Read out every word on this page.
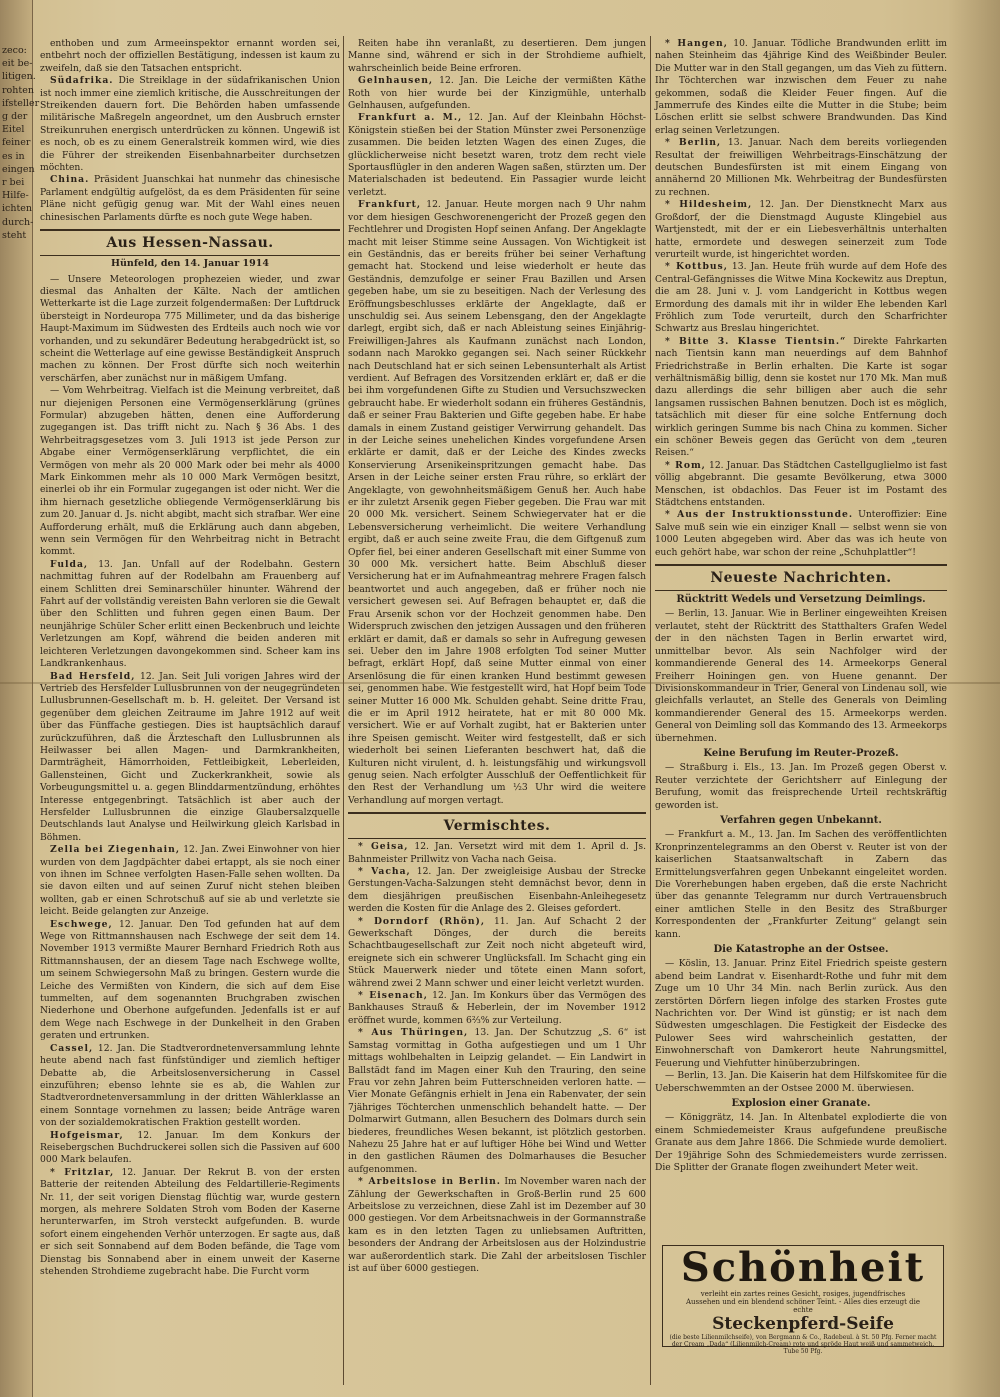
zeco:
eit be-
litigen.
rohten
ifsteller
g der
Eitel
feiner
es in
eingen
r bei
Hilfe-
ichten
durch-
steht

enthoben und zum Armeeinspektor ernannt worden sei, entbehrt noch der offiziellen Bestätigung, indessen ist kaum zu zweifeln, daß sie den Tatsachen entspricht.

Südafrika. Die Streiklage in der südafrikanischen Union ist noch immer eine ziemlich kritische, die Ausschreitungen der Streikenden dauern fort. Die Behörden haben umfassende militärische Maßregeln angeordnet, um den Ausbruch ernster Streikunruhen energisch unterdrücken zu können. Ungewiß ist es noch, ob es zu einem Generalstreik kommen wird, wie dies die Führer der streikenden Eisenbahnarbeiter durchsetzen möchten.

China. Präsident Juanschkai hat nunmehr das chinesische Parlament endgültig aufgelöst, da es dem Präsidenten für seine Pläne nicht gefügig genug war. Mit der Wahl eines neuen chinesischen Parlaments dürfte es noch gute Wege haben.

Aus Hessen-Nassau.
Hünfeld, den 14. Januar 1914

— Unsere Meteorologen prophezeien wieder, und zwar diesmal das Anhalten der Kälte. Nach der amtlichen Wetterkarte ist die Lage zurzeit folgendermaßen: Der Luftdruck übersteigt in Nordeuropa 775 Millimeter, und da das bisherige Haupt-Maximum im Südwesten des Erdteils auch noch wie vor vorhanden, und zu sekundärer Bedeutung herabgedrückt ist, so scheint die Wetterlage auf eine gewisse Beständigkeit Anspruch machen zu können. Der Frost dürfte sich noch weiterhin verschärfen, aber zunächst nur in mäßigem Umfang.

— Vom Wehrbeitrag. Vielfach ist die Meinung verbreitet, daß nur diejenigen Personen eine Vermögenserklärung (grünes Formular) abzugeben hätten, denen eine Aufforderung zugegangen ist. Das trifft nicht zu. Nach § 36 Abs. 1 des Wehrbeitragsgesetzes vom 3. Juli 1913 ist jede Person zur Abgabe einer Vermögenserklärung verpflichtet, die ein Vermögen von mehr als 20 000 Mark oder bei mehr als 4000 Mark Einkommen mehr als 10 000 Mark Vermögen besitzt, einerlei ob ihr ein Formular zugegangen ist oder nicht. Wer die ihm hiernach gesetzliche obliegende Vermögenserklärung bis zum 20. Januar d. Js. nicht abgibt, macht sich strafbar. Wer eine Aufforderung erhält, muß die Erklärung auch dann abgeben, wenn sein Vermögen für den Wehrbeitrag nicht in Betracht kommt.

Fulda, 13. Jan. Unfall auf der Rodelbahn. Gestern nachmittag fuhren auf der Rodelbahn am Frauenberg auf einem Schlitten drei Seminarschüler hinunter. Während der Fahrt auf der vollständig vereisten Bahn verloren sie die Gewalt über den Schlitten und fuhren gegen einen Baum. Der neunjährige Schüler Scher erlitt einen Beckenbruch und leichte Verletzungen am Kopf, während die beiden anderen mit leichteren Verletzungen davongekommen sind. Scheer kam ins Landkrankenhaus.

Bad Hersfeld, 12. Jan. Seit Juli vorigen Jahres wird der Vertrieb des Hersfelder Lullusbrunnen von der neugegründeten Lullusbrunnen-Gesellschaft m. b. H. geleitet. Der Versand ist gegenüber dem gleichen Zeitraume im Jahre 1912 auf weit über das Fünffache gestiegen. Dies ist hauptsächlich darauf zurückzuführen, daß die Ärzteschaft den Lullusbrunnen als Heilwasser bei allen Magen- und Darmkrankheiten, Darmträgheit, Hämorrhoiden, Fettleibigkeit, Leberleiden, Gallensteinen, Gicht und Zuckerkrankheit, sowie als Vorbeugungsmittel u. a. gegen Blinddarmentzündung, erhöhtes Interesse entgegenbringt. Tatsächlich ist aber auch der Hersfelder Lullusbrunnen die einzige Glaubersalzquelle Deutschlands laut Analyse und Heilwirkung gleich Karlsbad in Böhmen.

Zella bei Ziegenhain, 12. Jan. Zwei Einwohner von hier wurden von dem Jagdpächter dabei ertappt, als sie noch einer von ihnen im Schnee verfolgten Hasen-Falle sehen wollten. Da sie davon eilten und auf seinen Zuruf nicht stehen bleiben wollten, gab er einen Schrotschuß auf sie ab und verletzte sie leicht. Beide gelangten zur Anzeige.

Eschwege, 12. Januar. Den Tod gefunden hat auf dem Wege von Rittmannshausen nach Eschwege der seit dem 14. November 1913 vermißte Maurer Bernhard Friedrich Roth aus Rittmannshausen, der an diesem Tage nach Eschwege wollte, um seinem Schwiegersohn Maß zu bringen. Gestern wurde die Leiche des Vermißten von Kindern, die sich auf dem Eise tummelten, auf dem sogenannten Bruchgraben zwischen Niederhone und Oberhone aufgefunden. Jedenfalls ist er auf dem Wege nach Eschwege in der Dunkelheit in den Graben geraten und ertrunken.

Cassel, 12. Jan. Die Stadtverordnetenversammlung lehnte heute abend nach fast fünfstündiger und ziemlich heftiger Debatte ab, die Arbeitslosenversicherung in Cassel einzuführen; ebenso lehnte sie es ab, die Wahlen zur Stadtverordnetenversammlung in der dritten Wählerklasse an einem Sonntage vornehmen zu lassen; beide Anträge waren von der sozialdemokratischen Fraktion gestellt worden.

Hofgeismar, 12. Januar. Im dem Konkurs der Reisebergschen Buchdruckerei sollen sich die Passiven auf 600 000 Mark belaufen.

* Fritzlar, 12. Januar. Der Rekrut B. von der ersten Batterie der reitenden Abteilung des Feldartillerie-Regiments Nr. 11, der seit vorigen Dienstag flüchtig war, wurde gestern morgen, als mehrere Soldaten Stroh vom Boden der Kaserne herunterwarfen, im Stroh versteckt aufgefunden. B. wurde sofort einem eingehenden Verhör unterzogen. Er sagte aus, daß er sich seit Sonnabend auf dem Boden befände, die Tage vom Dienstag bis Sonnabend aber in einem unweit der Kaserne stehenden Strohdieme zugebracht habe. Die Furcht vorm

Reiten habe ihn veranlaßt, zu desertieren. Dem jungen Manne sind, während er sich in der Strohdieme aufhielt, wahrscheinlich beide Beine erfroren.

Gelnhausen, 12. Jan. Die Leiche der vermißten Käthe Roth von hier wurde bei der Kinzigmühle, unterhalb Gelnhausen, aufgefunden.

Frankfurt a. M., 12. Jan. Auf der Kleinbahn Höchst-Königstein stießen bei der Station Münster zwei Personenzüge zusammen. Die beiden letzten Wagen des einen Zuges, die glücklicherweise nicht besetzt waren, trotz dem recht viele Sportausflügler in den anderen Wagen saßen, stürzten um. Der Materialschaden ist bedeutend. Ein Passagier wurde leicht verletzt.

Frankfurt, 12. Januar. Heute morgen nach 9 Uhr nahm vor dem hiesigen Geschworenengericht der Prozeß gegen den Fechtlehrer und Drogisten Hopf seinen Anfang. Der Angeklagte macht mit leiser Stimme seine Aussagen. Von Wichtigkeit ist ein Geständnis, das er bereits früher bei seiner Verhaftung gemacht hat. Stockend und leise wiederholt er heute das Geständnis, demzufolge er seiner Frau Bazillen und Arsen gegeben habe, um sie zu beseitigen. Nach der Verlesung des Eröffnungsbeschlusses erklärte der Angeklagte, daß er unschuldig sei. Aus seinem Lebensgang, den der Angeklagte darlegt, ergibt sich, daß er nach Ableistung seines Einjährig-Freiwilligen-Jahres als Kaufmann zunächst nach London, sodann nach Marokko gegangen sei. Nach seiner Rückkehr nach Deutschland hat er sich seinen Lebensunterhalt als Artist verdient. Auf Befragen des Vorsitzenden erklärt er, daß er die bei ihm vorgefundenen Gifte zu Studien und Versuchszwecken gebraucht habe. Er wiederholt sodann ein früheres Geständnis, daß er seiner Frau Bakterien und Gifte gegeben habe. Er habe damals in einem Zustand geistiger Verwirrung gehandelt. Das in der Leiche seines unehelichen Kindes vorgefundene Arsen erklärte er damit, daß er der Leiche des Kindes zwecks Konservierung Arsenikeinspritzungen gemacht habe. Das Arsen in der Leiche seiner ersten Frau rühre, so erklärt der Angeklagte, von gewohnheitsmäßigem Genuß her. Auch habe er ihr zuletzt Arsenik gegen Fieber gegeben. Die Frau war mit 20 000 Mk. versichert. Seinem Schwiegervater hat er die Lebensversicherung verheimlicht. Die weitere Verhandlung ergibt, daß er auch seine zweite Frau, die dem Giftgenuß zum Opfer fiel, bei einer anderen Gesellschaft mit einer Summe von 30 000 Mk. versichert hatte. Beim Abschluß dieser Versicherung hat er im Aufnahmeantrag mehrere Fragen falsch beantwortet und auch angegeben, daß er früher noch nie versichert gewesen sei. Auf Befragen behauptet er, daß die Frau Arsenik schon vor der Hochzeit genommen habe. Den Widerspruch zwischen den jetzigen Aussagen und den früheren erklärt er damit, daß er damals so sehr in Aufregung gewesen sei. Ueber den im Jahre 1908 erfolgten Tod seiner Mutter befragt, erklärt Hopf, daß seine Mutter einmal von einer Arsenlösung die für einen kranken Hund bestimmt gewesen sei, genommen habe. Wie festgestellt wird, hat Hopf beim Tode seiner Mutter 16 000 Mk. Schulden gehabt. Seine dritte Frau, die er im April 1912 heiratete, hat er mit 80 000 Mk. versichert. Wie er auf Vorhalt zugibt, hat er Bakterien unter ihre Speisen gemischt. Weiter wird festgestellt, daß er sich wiederholt bei seinen Lieferanten beschwert hat, daß die Kulturen nicht virulent, d. h. leistungsfähig und wirkungsvoll genug seien. Nach erfolgter Ausschluß der Oeffentlichkeit für den Rest der Verhandlung um ½3 Uhr wird die weitere Verhandlung auf morgen vertagt.

Vermischtes.

* Geisa, 12. Jan. Versetzt wird mit dem 1. April d. Js. Bahnmeister Prillwitz von Vacha nach Geisa.

* Vacha, 12. Jan. Der zweigleisige Ausbau der Strecke Gerstungen-Vacha-Salzungen steht demnächst bevor, denn in dem diesjährigen preußischen Eisenbahn-Anleihegesetz werden die Kosten für die Anlage des 2. Gleises gefordert.

* Dorndorf (Rhön), 11. Jan. Auf Schacht 2 der Gewerkschaft Dönges, der durch die bereits Schachtbaugesellschaft zur Zeit noch nicht abgeteuft wird, ereignete sich ein schwerer Unglücksfall. Im Schacht ging ein Stück Mauerwerk nieder und tötete einen Mann sofort, während zwei 2 Mann schwer und einer leicht verletzt wurden.

* Eisenach, 12. Jan. Im Konkurs über das Vermögen des Bankhauses Strauß & Heberlein, der im November 1912 eröffnet wurde, kommen 6⅔% zur Verteilung.

* Aus Thüringen, 13. Jan. Der Schutzzug „S. 6“ ist Samstag vormittag in Gotha aufgestiegen und um 1 Uhr mittags wohlbehalten in Leipzig gelandet. — Ein Landwirt in Ballstädt fand im Magen einer Kuh den Trauring, den seine Frau vor zehn Jahren beim Futterschneiden verloren hatte. — Vier Monate Gefängnis erhielt in Jena ein Rabenvater, der sein 7jähriges Töchterchen unmenschlich behandelt hatte. — Der Dolmarwirt Gutmann, allen Besuchern des Dolmars durch sein biederes, freundliches Wesen bekannt, ist plötzlich gestorben. Nahezu 25 Jahre hat er auf luftiger Höhe bei Wind und Wetter in den gastlichen Räumen des Dolmarhauses die Besucher aufgenommen.

* Arbeitslose in Berlin. Im November waren nach der Zählung der Gewerkschaften in Groß-Berlin rund 25 600 Arbeitslose zu verzeichnen, diese Zahl ist im Dezember auf 30 000 gestiegen. Vor dem Arbeitsnachweis in der Gormannstraße kam es in den letzten Tagen zu unliebsamen Auftritten, besonders der Andrang der Arbeitslosen aus der Holzindustrie war außerordentlich stark. Die Zahl der arbeitslosen Tischler ist auf über 6000 gestiegen.

* Hangen, 10. Januar. Tödliche Brandwunden erlitt im nahen Steinheim das 4jährige Kind des Weißbinder Beuler. Die Mutter war in den Stall gegangen, um das Vieh zu füttern. Ihr Töchterchen war inzwischen dem Feuer zu nahe gekommen, sodaß die Kleider Feuer fingen. Auf die Jammerrufe des Kindes eilte die Mutter in die Stube; beim Löschen erlitt sie selbst schwere Brandwunden. Das Kind erlag seinen Verletzungen.

* Berlin, 13. Januar. Nach dem bereits vorliegenden Resultat der freiwilligen Wehrbeitrags-Einschätzung der deutschen Bundesfürsten ist mit einem Eingang von annähernd 20 Millionen Mk. Wehrbeitrag der Bundesfürsten zu rechnen.

* Hildesheim, 12. Jan. Der Dienstknecht Marx aus Großdorf, der die Dienstmagd Auguste Klingebiel aus Wartjenstedt, mit der er ein Liebesverhältnis unterhalten hatte, ermordete und deswegen seinerzeit zum Tode verurteilt wurde, ist hingerichtet worden.

* Kottbus, 13. Jan. Heute früh wurde auf dem Hofe des Central-Gefängnisses die Witwe Mina Kockewitz aus Dreptun, die am 28. Juni v. J. vom Landgericht in Kottbus wegen Ermordung des damals mit ihr in wilder Ehe lebenden Karl Fröhlich zum Tode verurteilt, durch den Scharfrichter Schwartz aus Breslau hingerichtet.

* Bitte 3. Klasse Tientsin.“ Direkte Fahrkarten nach Tientsin kann man neuerdings auf dem Bahnhof Friedrichstraße in Berlin erhalten. Die Karte ist sogar verhältnismäßig billig, denn sie kostet nur 170 Mk. Man muß dazu allerdings die sehr billigen aber auch die sehr langsamen russischen Bahnen benutzen. Doch ist es möglich, tatsächlich mit dieser für eine solche Entfernung doch wirklich geringen Summe bis nach China zu kommen. Sicher ein schöner Beweis gegen das Gerücht von dem „teuren Reisen.“

* Rom, 12. Januar. Das Städtchen Castellguglielmo ist fast völlig abgebrannt. Die gesamte Bevölkerung, etwa 3000 Menschen, ist obdachlos. Das Feuer ist im Postamt des Städtchens entstanden.

* Aus der Instruktionsstunde. Unteroffizier: Eine Salve muß sein wie ein einziger Knall — selbst wenn sie von 1000 Leuten abgegeben wird. Aber das was ich heute von euch gehört habe, war schon der reine „Schuhplattler“!

Neueste Nachrichten.
Rücktritt Wedels und Versetzung Deimlings.

— Berlin, 13. Januar. Wie in Berliner eingeweihten Kreisen verlautet, steht der Rücktritt des Statthalters Grafen Wedel der in den nächsten Tagen in Berlin erwartet wird, unmittelbar bevor. Als sein Nachfolger wird der kommandierende General des 14. Armeekorps General Freiherr Hoiningen gen. von Huene genannt. Der Divisionskommandeur in Trier, General von Lindenau soll, wie gleichfalls verlautet, an Stelle des Generals von Deimling kommandierender General des 15. Armeekorps werden. General von Deimling soll das Kommando des 13. Armeekorps übernehmen.

Keine Berufung im Reuter-Prozeß.

— Straßburg i. Els., 13. Jan. Im Prozeß gegen Oberst v. Reuter verzichtete der Gerichtsherr auf Einlegung der Berufung, womit das freisprechende Urteil rechtskräftig geworden ist.

Verfahren gegen Unbekannt.

— Frankfurt a. M., 13. Jan. Im Sachen des veröffentlichten Kronprinzentelegramms an den Oberst v. Reuter ist von der kaiserlichen Staatsanwaltschaft in Zabern das Ermittelungsverfahren gegen Unbekannt eingeleitet worden. Die Vorerhebungen haben ergeben, daß die erste Nachricht über das genannte Telegramm nur durch Vertrauensbruch einer amtlichen Stelle in den Besitz des Straßburger Korrespondenten der „Frankfurter Zeitung“ gelangt sein kann.

Die Katastrophe an der Ostsee.

— Köslin, 13. Januar. Prinz Eitel Friedrich speiste gestern abend beim Landrat v. Eisenhardt-Rothe und fuhr mit dem Zuge um 10 Uhr 34 Min. nach Berlin zurück. Aus den zerstörten Dörfern liegen infolge des starken Frostes gute Nachrichten vor. Der Wind ist günstig; er ist nach dem Südwesten umgeschlagen. Die Festigkeit der Eisdecke des Pulower Sees wird wahrscheinlich gestatten, der Einwohnerschaft von Damkerort heute Nahrungsmittel, Feuerung und Viehfutter hinüberzubringen.

— Berlin, 13. Jan. Die Kaiserin hat dem Hilfskomitee für die Ueberschwemmten an der Ostsee 2000 M. überwiesen.

Explosion einer Granate.

— Königgrätz, 14. Jan. In Altenbatel explodierte die von einem Schmiedemeister Kraus aufgefundene preußische Granate aus dem Jahre 1866. Die Schmiede wurde demoliert. Der 19jährige Sohn des Schmiedemeisters wurde zerrissen. Die Splitter der Granate flogen zweihundert Meter weit.

Schönheit
verleiht ein zartes reines Gesicht, rosiges, jugendfrisches Aussehen und ein blendend schöner Teint. - Alles dies erzeugt die echte
Steckenpferd-Seife
(die beste Lilienmilchseife), von Bergmann & Co., Radebeul. à St. 50 Pfg. Ferner macht der Cream „Dada“ (Lilienmilch-Cream) rote und spröde Haut weiß und sammetweich. Tube 50 Pfg.
